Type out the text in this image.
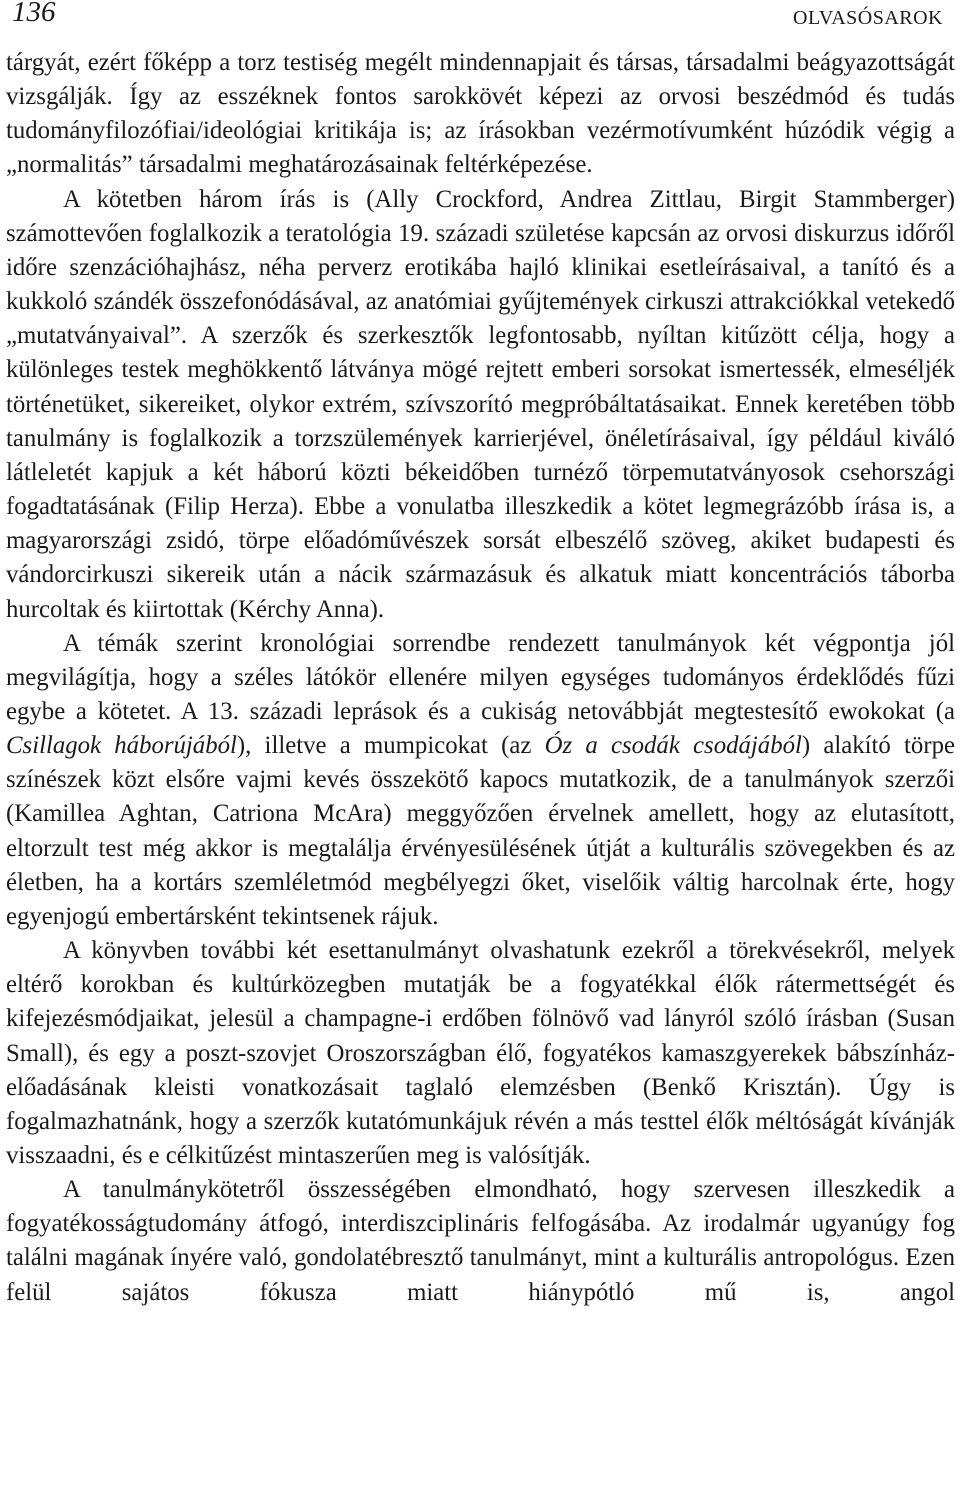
136	OLVASÓSAROK

tárgyát, ezért főképp a torz testiség megélt mindennapjait és társas, társadalmi beágyazottságát vizsgálják. Így az esszéknek fontos sarokkövét képezi az orvosi beszédmód és tudás tudományfilozófiai/ideológiai kritikája is; az írásokban vezérmotívumként húzódik végig a „normalitás” társadalmi meghatározásainak feltérképezése.

A kötetben három írás is (Ally Crockford, Andrea Zittlau, Birgit Stammberger) számottevően foglalkozik a teratológia 19. századi születése kapcsán az orvosi diskurzus időről időre szenzációhajhász, néha perverz erotikába hajló klinikai esetleírásaival, a tanító és a kukkoló szándék összefonódásával, az anatómiai gyűjtemények cirkuszi attrakciókkal vetekedő „mutatványaival”. A szerzők és szerkesztők legfontosabb, nyíltan kitűzött célja, hogy a különleges testek meghökkentő látványa mögé rejtett emberi sorsokat ismertessék, elmeséljék történetüket, sikereiket, olykor extrém, szívszorító megpróbáltatásaikat. Ennek keretében több tanulmány is foglalkozik a torzszülemények karrierjével, önéletírásaival, így például kiváló látleletét kapjuk a két háború közti békeidőben turnéző törpemutatványosok csehországi fogadtatásának (Filip Herza). Ebbe a vonulatba illeszkedik a kötet legmegrázóbb írása is, a magyarországi zsidó, törpe előadóművészek sorsát elbeszélő szöveg, akiket budapesti és vándorcirkuszi sikereik után a nácik származásuk és alkatuk miatt koncentrációs táborba hurcoltak és kiirtottak (Kérchy Anna).

A témák szerint kronológiai sorrendbe rendezett tanulmányok két végpontja jól megvilágítja, hogy a széles látókör ellenére milyen egységes tudományos érdeklődés fűzi egybe a kötetet. A 13. századi leprások és a cukiság netovábbját megtestesítő ewokokat (a Csillagok háborújából), illetve a mumpicokat (az Óz a csodák csodájából) alakító törpe színészek közt elsőre vajmi kevés összekötő kapocs mutatkozik, de a tanulmányok szerzői (Kamillea Aghtan, Catriona McAra) meggyőzően érvelnek amellett, hogy az elutasított, eltorzult test még akkor is megtalálja érvényesülésének útját a kulturális szövegekben és az életben, ha a kortárs szemléletmód megbélyegzi őket, viselőik váltig harcolnak érte, hogy egyenjogú embertársként tekintsenek rájuk.

A könyvben további két esettanulmányt olvashatunk ezekről a törekvésekről, melyek eltérő korokban és kultúrközegben mutatják be a fogyatékkal élők rátermettségét és kifejezésmódjaikat, jelesül a champagne-i erdőben fölnövő vad lányról szóló írásban (Susan Small), és egy a poszt-szovjet Oroszországban élő, fogyatékos kamaszgyerekek bábszínház-előadásának kleisti vonatkozásait taglaló elemzésben (Benkő Krisztán). Úgy is fogalmazhatnánk, hogy a szerzők kutatómunkájuk révén a más testtel élők méltóságát kívánják visszaadni, és e célkitűzést mintaszerűen meg is valósítják.

A tanulmánykötetről összességében elmondható, hogy szervesen illeszkedik a fogyatékosságtudomány átfogó, interdiszciplináris felfogásába. Az irodalmár ugyanúgy fog találni magának ínyére való, gondolatébresztő tanulmányt, mint a kulturális antropológus. Ezen felül sajátos fókusza miatt hiánypótló mű is, angol
